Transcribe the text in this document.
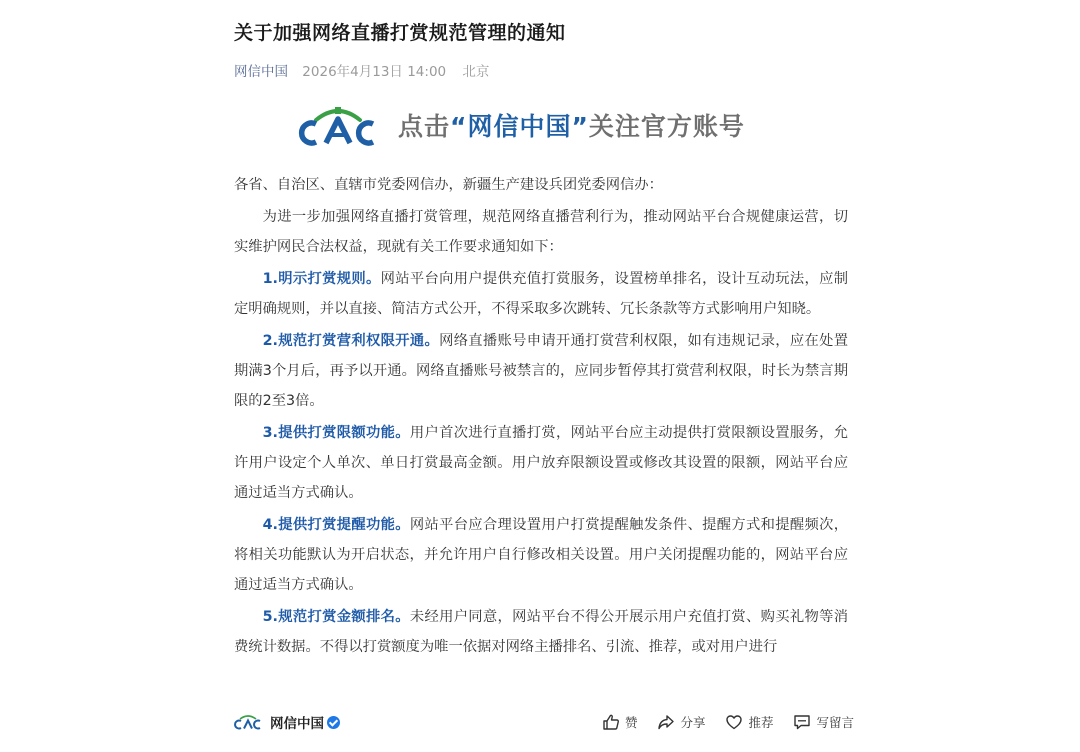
关于加强网络直播打赏规范管理的通知
网信中国 2026年4月13日 14:00 北京
点击“网信中国”关注官方账号

各省、自治区、直辖市党委网信办，新疆生产建设兵团党委网信办：

为进一步加强网络直播打赏管理，规范网络直播营利行为，推动网站平台合规健康运营，切实维护网民合法权益，现就有关工作要求通知如下：

1.明示打赏规则。网站平台向用户提供充值打赏服务，设置榜单排名，设计互动玩法，应制定明确规则，并以直接、简洁方式公开，不得采取多次跳转、冗长条款等方式影响用户知晓。

2.规范打赏营利权限开通。网络直播账号申请开通打赏营利权限，如有违规记录，应在处置期满3个月后，再予以开通。网络直播账号被禁言的，应同步暂停其打赏营利权限，时长为禁言期限的2至3倍。

3.提供打赏限额功能。用户首次进行直播打赏，网站平台应主动提供打赏限额设置服务，允许用户设定个人单次、单日打赏最高金额。用户放弃限额设置或修改其设置的限额，网站平台应通过适当方式确认。

4.提供打赏提醒功能。网站平台应合理设置用户打赏提醒触发条件、提醒方式和提醒频次，将相关功能默认为开启状态，并允许用户自行修改相关设置。用户关闭提醒功能的，网站平台应通过适当方式确认。

5.规范打赏金额排名。未经用户同意，网站平台不得公开展示用户充值打赏、购买礼物等消费统计数据。不得以打赏额度为唯一依据对网络主播排名、引流、推荐，或对用户进行

网信中国	赞	分享	推荐	写留言
